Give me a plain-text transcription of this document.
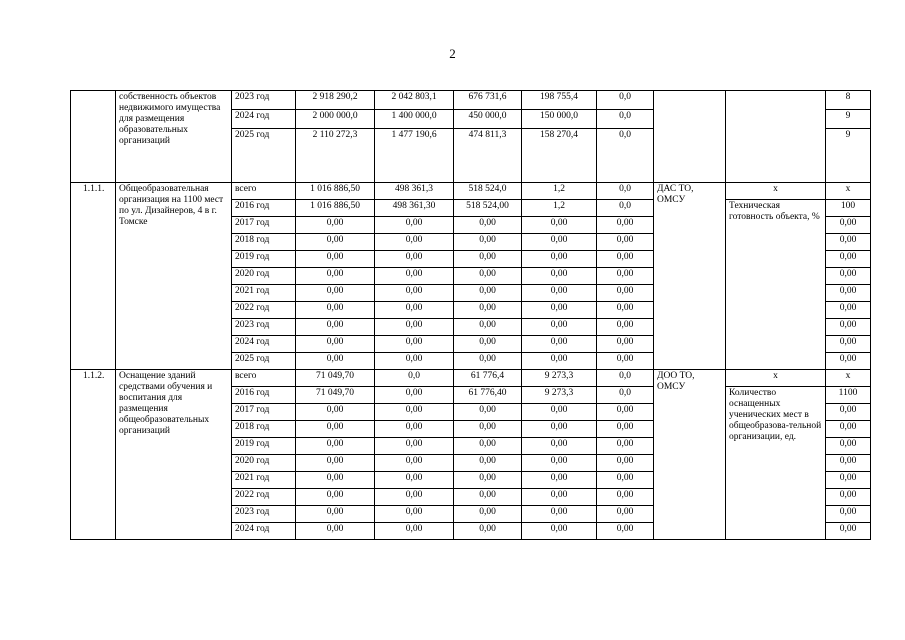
2
	собственность объектов недвижимого имущества для размещения образовательных организаций	2023 год	2 918 290,2	2 042 803,1	676 731,6	198 755,4	0,0			8
		2024 год	2 000 000,0	1 400 000,0	450 000,0	150 000,0	0,0			9
		2025 год	2 110 272,3	1 477 190,6	474 811,3	158 270,4	0,0			9
1.1.1.	Общеобразовательная организация на 1100 мест по ул. Дизайнеров, 4 в г. Томске	всего	1 016 886,50	498 361,3	518 524,0	1,2	0,0	ДАС ТО, ОМСУ	x	x
		2016 год	1 016 886,50	498 361,30	518 524,00	1,2	0,0		Техническая готовность объекта, %	100
		2017 год	0,00	0,00	0,00	0,00	0,00			0,00
		2018 год	0,00	0,00	0,00	0,00	0,00			0,00
		2019 год	0,00	0,00	0,00	0,00	0,00			0,00
		2020 год	0,00	0,00	0,00	0,00	0,00			0,00
		2021 год	0,00	0,00	0,00	0,00	0,00			0,00
		2022 год	0,00	0,00	0,00	0,00	0,00			0,00
		2023 год	0,00	0,00	0,00	0,00	0,00			0,00
		2024 год	0,00	0,00	0,00	0,00	0,00			0,00
		2025 год	0,00	0,00	0,00	0,00	0,00			0,00
1.1.2.	Оснащение зданий средствами обучения и воспитания для размещения общеобразовательных организаций	всего	71 049,70	0,0	61 776,4	9 273,3	0,0	ДОО ТО, ОМСУ	x	x
		2016 год	71 049,70	0,00	61 776,40	9 273,3	0,0		Количество оснащенных ученических мест в общеобразова-тельной организации, ед.	1100
		2017 год	0,00	0,00	0,00	0,00	0,00			0,00
		2018 год	0,00	0,00	0,00	0,00	0,00			0,00
		2019 год	0,00	0,00	0,00	0,00	0,00			0,00
		2020 год	0,00	0,00	0,00	0,00	0,00			0,00
		2021 год	0,00	0,00	0,00	0,00	0,00			0,00
		2022 год	0,00	0,00	0,00	0,00	0,00			0,00
		2023 год	0,00	0,00	0,00	0,00	0,00			0,00
		2024 год	0,00	0,00	0,00	0,00	0,00			0,00
